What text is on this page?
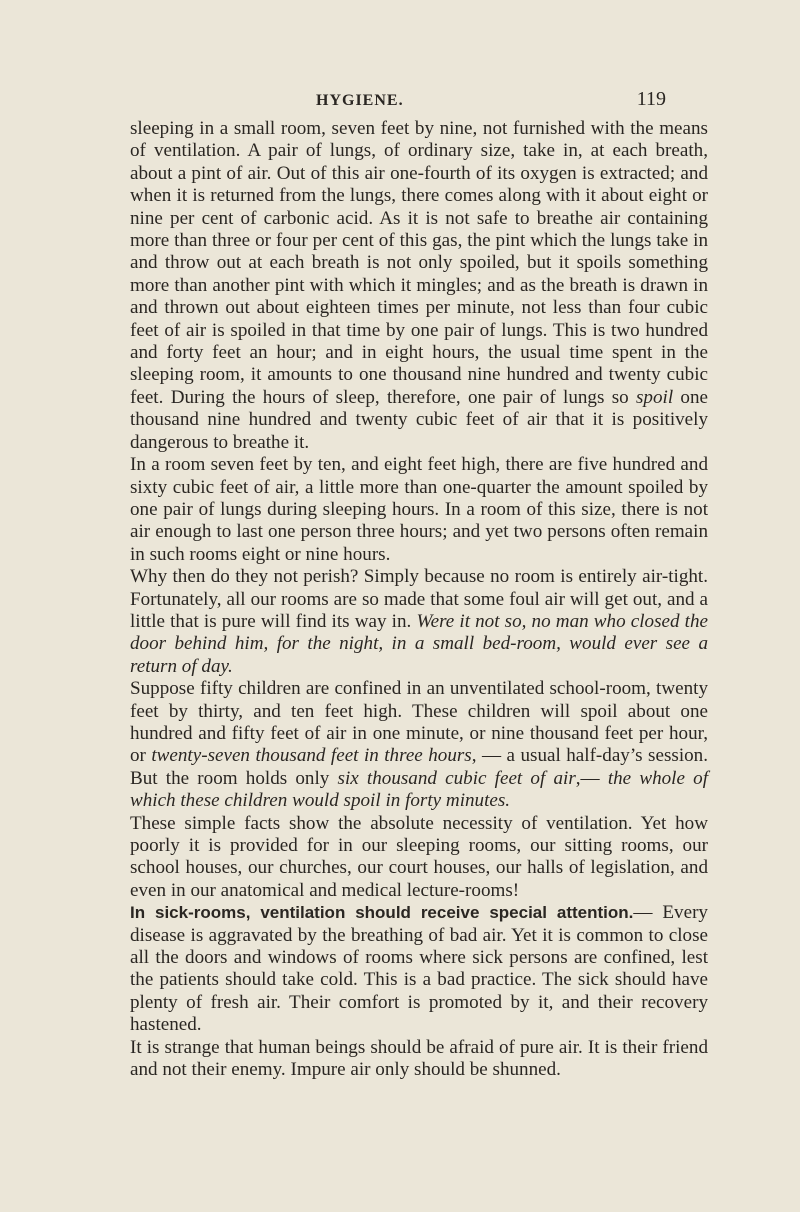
HYGIENE.	119

sleeping in a small room, seven feet by nine, not furnished with the means of ventilation. A pair of lungs, of ordinary size, take in, at each breath, about a pint of air. Out of this air one-fourth of its oxygen is extracted; and when it is returned from the lungs, there comes along with it about eight or nine per cent of carbonic acid. As it is not safe to breathe air containing more than three or four per cent of this gas, the pint which the lungs take in and throw out at each breath is not only spoiled, but it spoils something more than another pint with which it mingles; and as the breath is drawn in and thrown out about eighteen times per minute, not less than four cubic feet of air is spoiled in that time by one pair of lungs. This is two hundred and forty feet an hour; and in eight hours, the usual time spent in the sleeping room, it amounts to one thousand nine hundred and twenty cubic feet. During the hours of sleep, therefore, one pair of lungs so spoil one thousand nine hundred and twenty cubic feet of air that it is positively dangerous to breathe it.

In a room seven feet by ten, and eight feet high, there are five hundred and sixty cubic feet of air, a little more than one-quarter the amount spoiled by one pair of lungs during sleeping hours. In a room of this size, there is not air enough to last one person three hours; and yet two persons often remain in such rooms eight or nine hours.

Why then do they not perish? Simply because no room is entirely air-tight. Fortunately, all our rooms are so made that some foul air will get out, and a little that is pure will find its way in. Were it not so, no man who closed the door behind him, for the night, in a small bed-room, would ever see a return of day.

Suppose fifty children are confined in an unventilated school-room, twenty feet by thirty, and ten feet high. These children will spoil about one hundred and fifty feet of air in one minute, or nine thousand feet per hour, or twenty-seven thousand feet in three hours, — a usual half-day’s session. But the room holds only six thousand cubic feet of air,— the whole of which these children would spoil in forty minutes.

These simple facts show the absolute necessity of ventilation. Yet how poorly it is provided for in our sleeping rooms, our sitting rooms, our school houses, our churches, our court houses, our halls of legislation, and even in our anatomical and medical lecture-rooms!

In sick-rooms, ventilation should receive special attention.— Every disease is aggravated by the breathing of bad air. Yet it is common to close all the doors and windows of rooms where sick persons are confined, lest the patients should take cold. This is a bad practice. The sick should have plenty of fresh air. Their comfort is promoted by it, and their recovery hastened.

It is strange that human beings should be afraid of pure air. It is their friend and not their enemy. Impure air only should be shunned.
